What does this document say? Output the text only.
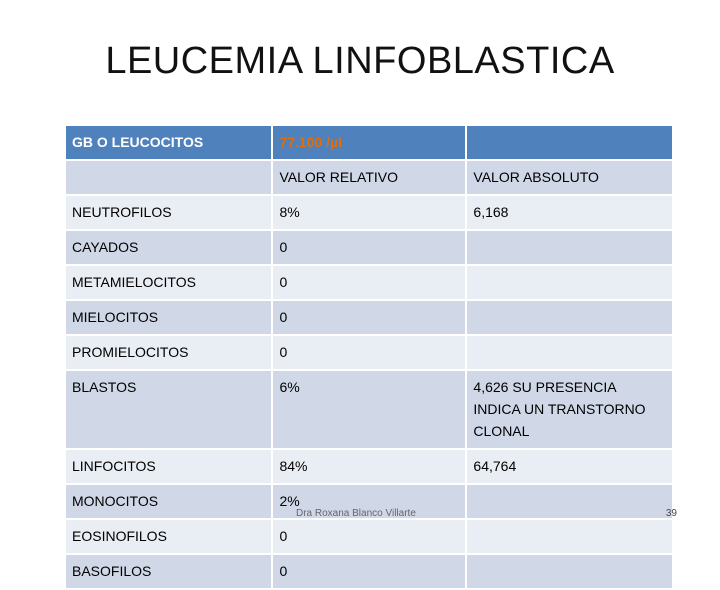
LEUCEMIA LINFOBLASTICA
GB O LEUCOCITOS	77.100 /µl	
	VALOR RELATIVO	VALOR ABSOLUTO
NEUTROFILOS	8%	6,168
CAYADOS	0	
METAMIELOCITOS	0	
MIELOCITOS	0	
PROMIELOCITOS	0	
BLASTOS	6%	4,626 SU PRESENCIA INDICA UN TRANSTORNO CLONAL
LINFOCITOS	84%	64,764
MONOCITOS	2%	
EOSINOFILOS	0	
BASOFILOS	0	
Dra Roxana Blanco Villarte	39
